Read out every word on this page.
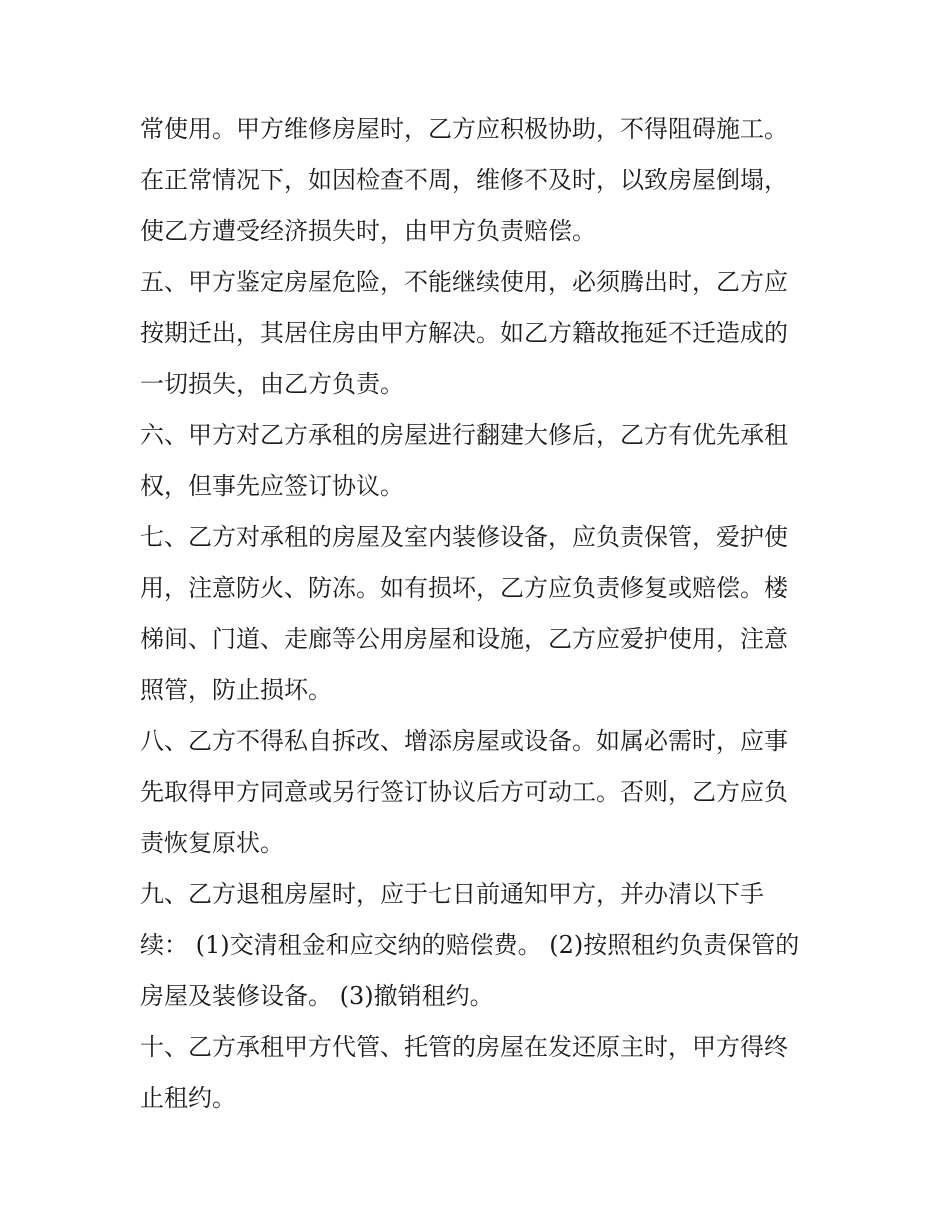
常使用。甲方维修房屋时，乙方应积极协助，不得阻碍施工。
在正常情况下，如因检查不周，维修不及时，以致房屋倒塌，
使乙方遭受经济损失时，由甲方负责赔偿。
五、甲方鉴定房屋危险，不能继续使用，必须腾出时，乙方应
按期迁出，其居住房由甲方解决。如乙方籍故拖延不迁造成的
一切损失，由乙方负责。
六、甲方对乙方承租的房屋进行翻建大修后，乙方有优先承租
权，但事先应签订协议。
七、乙方对承租的房屋及室内装修设备，应负责保管，爱护使
用，注意防火、防冻。如有损坏，乙方应负责修复或赔偿。楼
梯间、门道、走廊等公用房屋和设施，乙方应爱护使用，注意
照管，防止损坏。
八、乙方不得私自拆改、增添房屋或设备。如属必需时，应事
先取得甲方同意或另行签订协议后方可动工。否则，乙方应负
责恢复原状。
九、乙方退租房屋时，应于七日前通知甲方，并办清以下手
续： (1)交清租金和应交纳的赔偿费。 (2)按照租约负责保管的
房屋及装修设备。 (3)撤销租约。
十、乙方承租甲方代管、托管的房屋在发还原主时，甲方得终
止租约。
